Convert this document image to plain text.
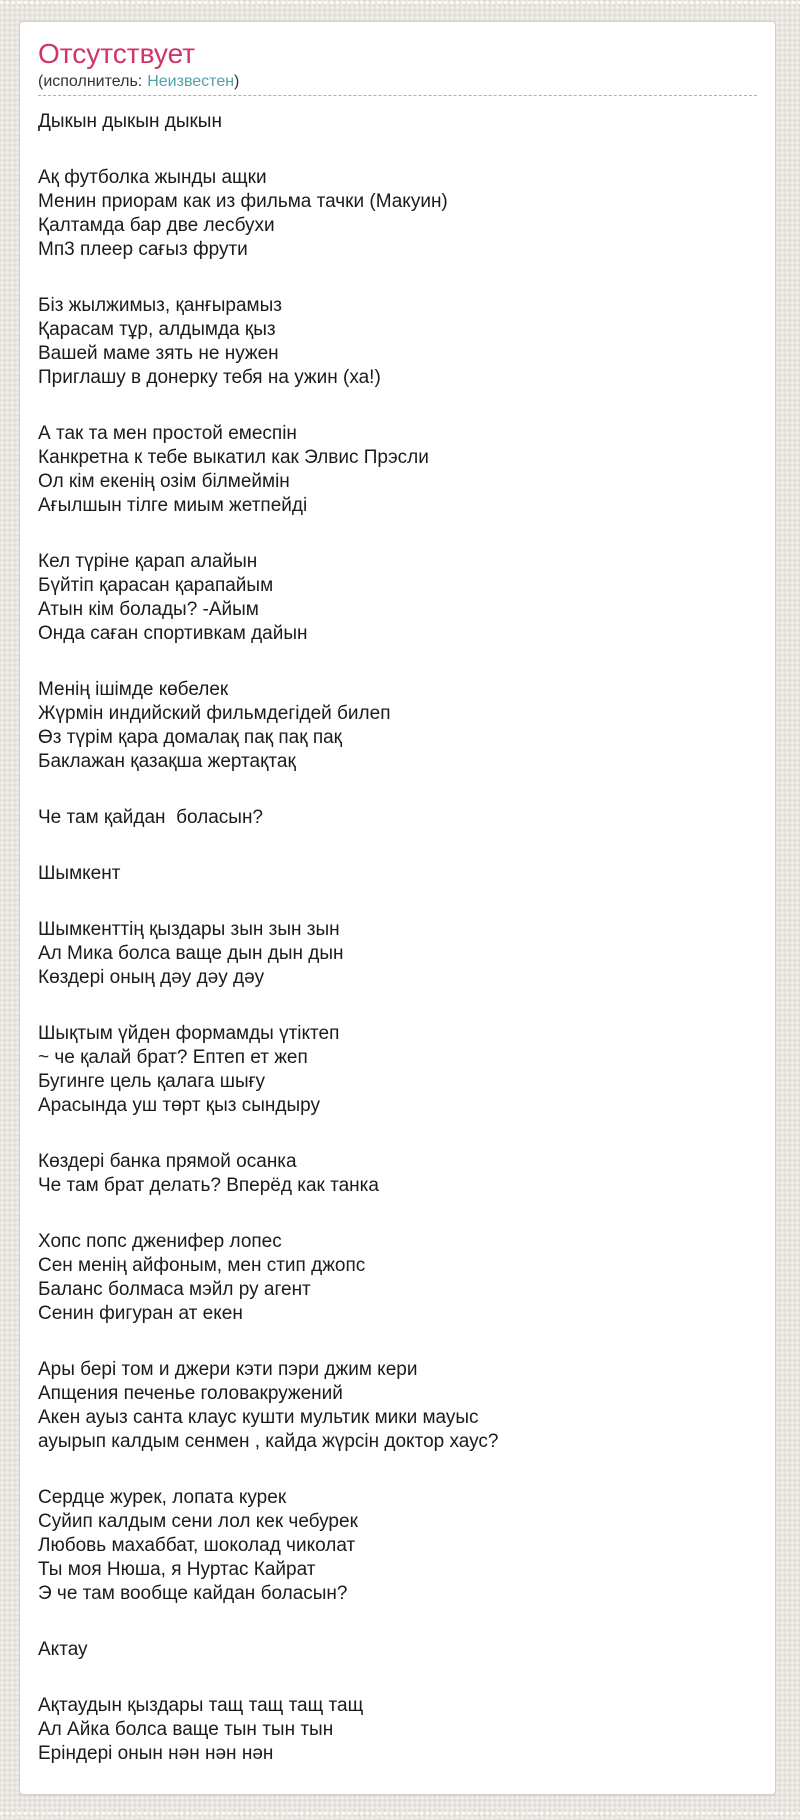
Отсутствует
(исполнитель: Неизвестен)
Дыкын дыкын дыкын
Ақ футболка жынды ащки
Менин приорам как из фильма тачки (Макуин)
Қалтамда бар две лесбухи
Мп3 плеер сағыз фрути
Біз жылжимыз, қанғырамыз
Қарасам тұр, алдымда қыз
Вашей маме зять не нужен
Приглашу в донерку тебя на ужин (ха!)
А так та мен простой емеспін
Канкретна к тебе выкатил как Элвис Прэсли
Ол кім екенің озім білмеймін
Ағылшын тілге миым жетпейді
Кел түріне қарап алайын
Бүйтіп қарасан қарапайым
Атын кім болады? -Айым
Онда саған спортивкам дайын
Менің ішімде көбелек
Жүрмін индийский фильмдегідей билеп
Өз түрім қара домалақ пақ пақ пақ
Баклажан қазақша жертақтақ
Че там қайдан  боласын?
Шымкент
Шымкенттің қыздары зын зын зын
Ал Мика болса ваще дын дын дын
Көздері оның дәу дәу дәу
Шықтым үйден формамды үтіктеп
~ че қалай брат? Ептеп ет жеп
Бугинге цель қалага шығу
Арасында уш төрт қыз сындыру
Көздері банка прямой осанка
Че там брат делать? Вперёд как танка
Хопс попс дженифер лопес
Сен менің айфоным, мен стип джопс
Баланс болмаса мэйл ру агент
Сенин фигуран ат екен
Ары бері том и джери кэти пэри джим кери
Апщения печенье головакружений
Акен ауыз санта клаус кушти мультик мики мауыс
ауырып калдым сенмен , кайда жүрсін доктор хаус?
Сердце журек, лопата курек
Суйип калдым сени лол кек чебурек
Любовь махаббат, шоколад чиколат
Ты моя Нюша, я Нуртас Кайрат
Э че там вообще кайдан боласын?
Актау
Ақтаудын қыздары тащ тащ тащ тащ
Ал Айка болса ваще тын тын тын
Еріндері онын нән нән нән
